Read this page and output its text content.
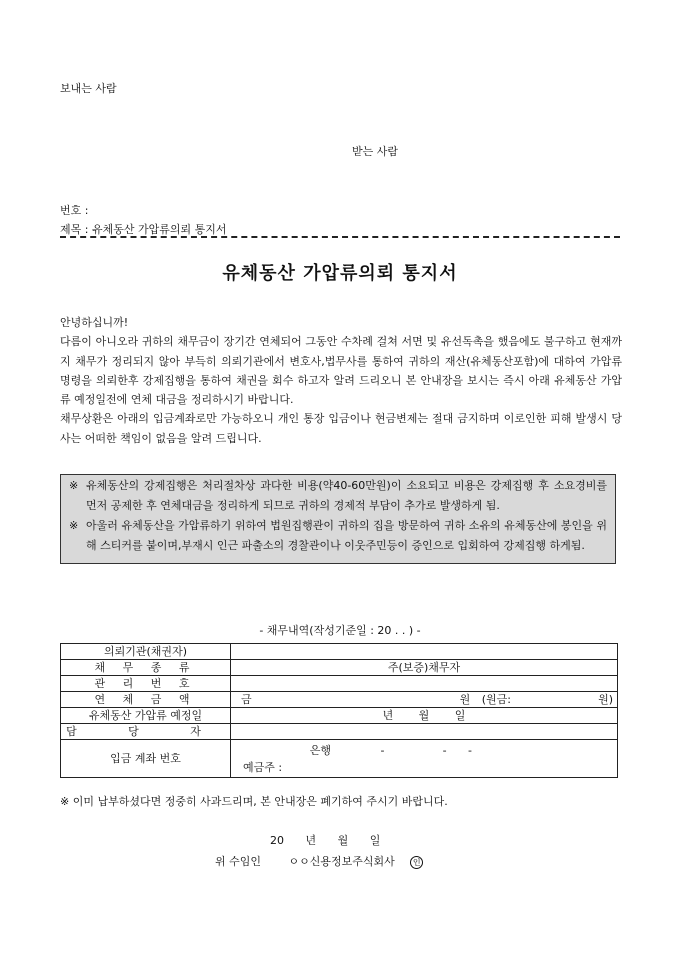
보내는 사람
받는 사람
번호 :
제목 : 유체동산 가압류의뢰 통지서
유체동산 가압류의뢰 통지서

안녕하십니까!

다름이 아니오라 귀하의 채무금이 장기간 연체되어 그동안 수차례 걸쳐 서면 및 유선독촉을 했음에도 불구하고 현재까지 채무가 정리되지 않아 부득히 의뢰기관에서 변호사,법무사를 통하여 귀하의 재산(유체동산포함)에 대하여 가압류 명령을 의뢰한후 강제집행을 통하여 채권을 회수 하고자 알려 드리오니 본 안내장을 보시는 즉시 아래 유체동산 가압류 예정일전에 연체 대금을 정리하시기 바랍니다.

채무상환은 아래의 입금계좌로만 가능하오니 개인 통장 입금이나 현금변제는 절대 금지하며 이로인한 피해 발생시 당사는 어떠한 책임이 없음을 알려 드립니다.

※ 유체동산의 강제집행은 처리절차상 과다한 비용(약40-60만원)이 소요되고 비용은 강제집행 후 소요경비를 먼저 공제한 후 연체대금을 정리하게 되므로 귀하의 경제적 부담이 추가로 발생하게 됨.
※ 아울러 유체동산을 가압류하기 위하여 법원집행관이 귀하의 집을 방문하여 귀하 소유의 유체동산에 봉인을 위해 스티커를 붙이며,부재시 인근 파출소의 경찰관이나 이웃주민등이 증인으로 입회하여 강제집행 하게됨.
- 채무내역(작성기준일 : 20 . . ) -
의뢰기관(채권자)	
채 무 종 류	주(보증)채무자
관 리 번 호	
연 체 금 액	금 원 (원금: 원)

유체동산 가압류 예정일	년 월 일
담 당 자	
입금 계좌 번호	은행 - - -
예금주 :
※ 이미 납부하셨다면 정중히 사과드리며, 본 안내장은 폐기하여 주시기 바랍니다.
20 년 월 일
위 수임인	ㅇㅇ신용정보주식회사 인
